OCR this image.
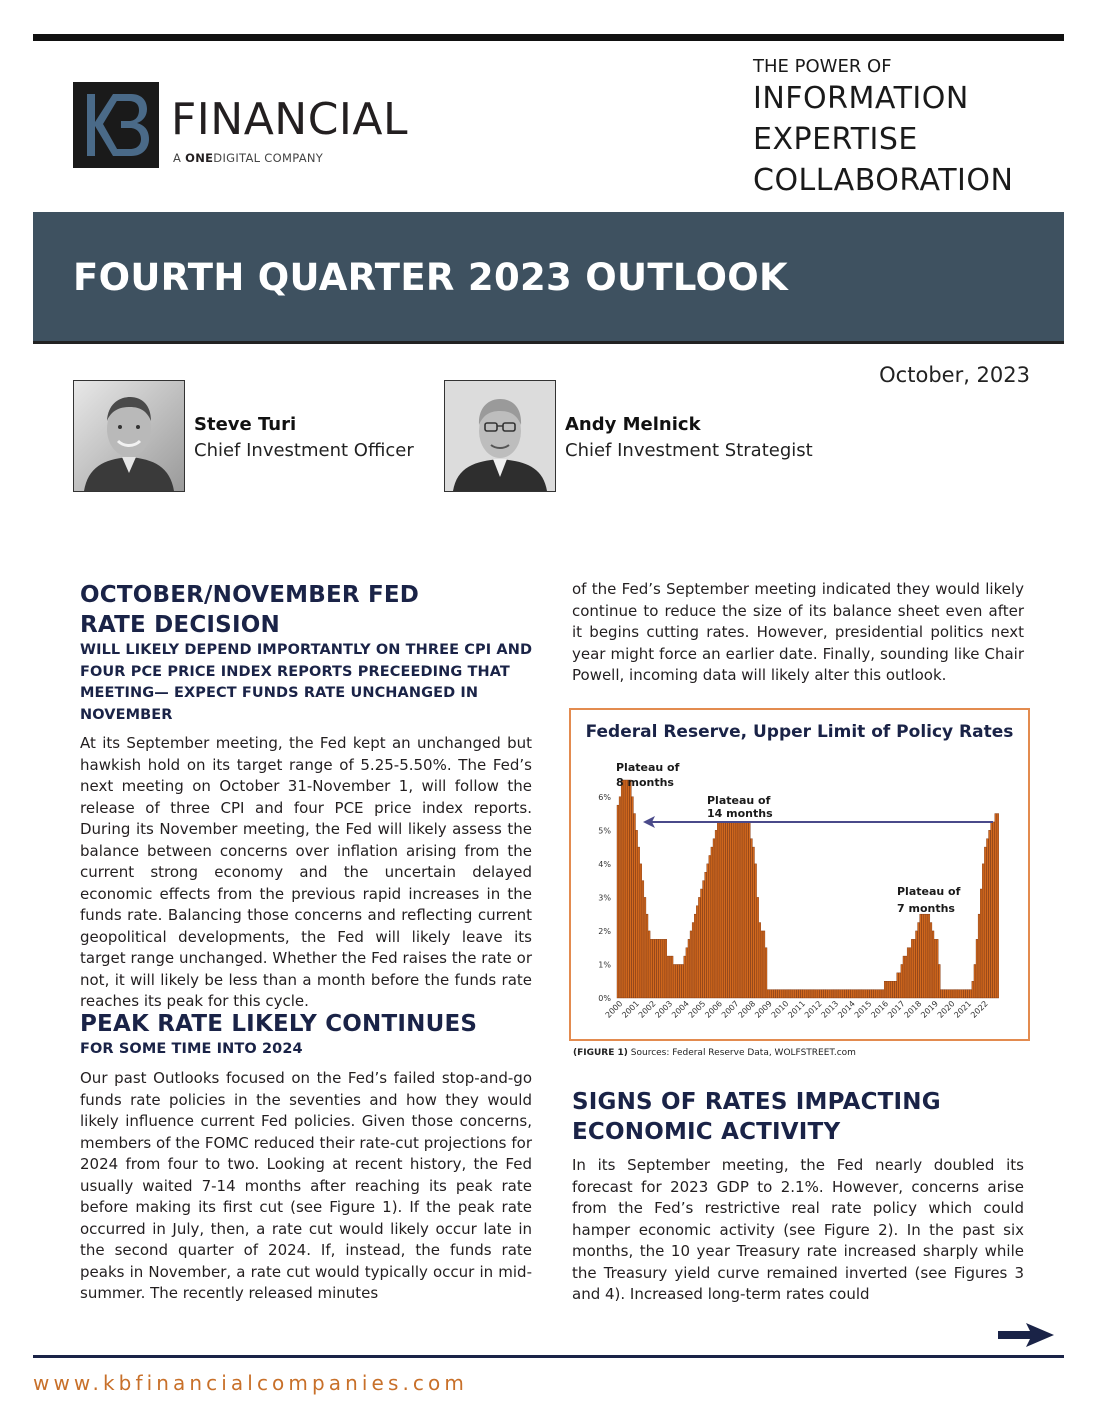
FINANCIAL
A ONEDIGITAL COMPANY
THE POWER OF
INFORMATION
EXPERTISE
COLLABORATION
FOURTH QUARTER 2023 OUTLOOK
October, 2023
Steve Turi
Chief Investment Officer
Andy Melnick
Chief Investment Strategist
OCTOBER/NOVEMBER FED
RATE DECISION
WILL LIKELY DEPEND IMPORTANTLY ON THREE CPI AND FOUR PCE PRICE INDEX REPORTS PRECEEDING THAT MEETING— EXPECT FUNDS RATE UNCHANGED IN NOVEMBER

At its September meeting, the Fed kept an unchanged but hawkish hold on its target range of 5.25-5.50%. The Fed’s next meeting on October 31-November 1, will follow the release of three CPI and four PCE price index reports. During its November meeting, the Fed will likely assess the balance between concerns over inflation arising from the current strong economy and the uncertain delayed economic effects from the previous rapid increases in the funds rate. Balancing those concerns and reflecting current geopolitical developments, the Fed will likely leave its target range unchanged. Whether the Fed raises the rate or not, it will likely be less than a month before the funds rate reaches its peak for this cycle.

PEAK RATE LIKELY CONTINUES
FOR SOME TIME INTO 2024

Our past Outlooks focused on the Fed’s failed stop-and-go funds rate policies in the seventies and how they would likely influence current Fed policies. Given those concerns, members of the FOMC reduced their rate-cut projections for 2024 from four to two. Looking at recent history, the Fed usually waited 7-14 months after reaching its peak rate before making its first cut (see Figure 1). If the peak rate occurred in July, then, a rate cut would likely occur late in the second quarter of 2024. If, instead, the funds rate peaks in November, a rate cut would typically occur in mid-summer. The recently released minutes

of the Fed’s September meeting indicated they would likely continue to reduce the size of its balance sheet even after it begins cutting rates. However, presidential politics next year might force an earlier date. Finally, sounding like Chair Powell, incoming data will likely alter this outlook.

Federal Reserve, Upper Limit of Policy Rates
0%
1%
2%
3%
4%
5%
6%
2000
2001
2002
2003
2004
2005
2006
2007
2008
2009
2010
2011
2012
2013
2014
2015
2016
2017
2018
2019
2020
2021
2022
Plateau of
8 months
Plateau of
14 months
Plateau of
7 months
(FIGURE 1) Sources: Federal Reserve Data, WOLFSTREET.com
SIGNS OF RATES IMPACTING
ECONOMIC ACTIVITY

In its September meeting, the Fed nearly doubled its forecast for 2023 GDP to 2.1%. However, concerns arise from the Fed’s restrictive real rate policy which could hamper economic activity (see Figure 2). In the past six months, the 10 year Treasury rate increased sharply while the Treasury yield curve remained inverted (see Figures 3 and 4). Increased long-term rates could

www.kbfinancialcompanies.com
